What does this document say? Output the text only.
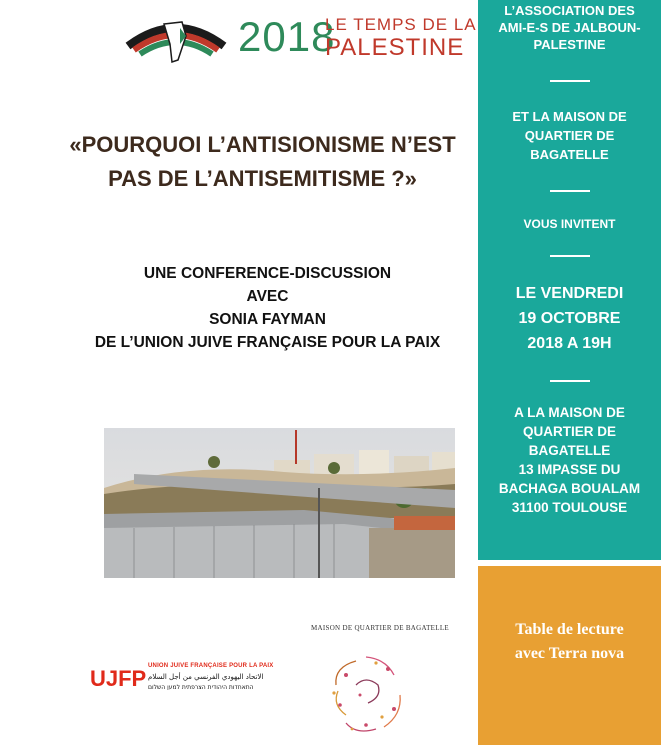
2018
LE TEMPS DE LA
PALESTINE
«POURQUOI L’ANTISIONISME N’EST
PAS DE L’ANTISEMITISME ?»
UNE CONFERENCE-DISCUSSION
AVEC
SONIA FAYMAN
DE L’UNION JUIVE FRANÇAISE POUR LA PAIX
L’ASSOCIATION DES
AMI-E-S DE JALBOUN-
PALESTINE
ET LA MAISON DE
QUARTIER DE
BAGATELLE
VOUS INVITENT
LE VENDREDI
19 OCTOBRE
2018 A 19H
A LA MAISON DE
QUARTIER DE
BAGATELLE
13 IMPASSE DU
BACHAGA BOUALAM
31100 TOULOUSE
Table de lecture
avec Terra nova
UJFP UNION JUIVE FRANÇAISE POUR LA PAIX
الاتحاد اليهودي الفرنسي من أجل السلام
התאחדות היהודית הצרפתית למען השלום
MAISON DE QUARTIER DE BAGATELLE
